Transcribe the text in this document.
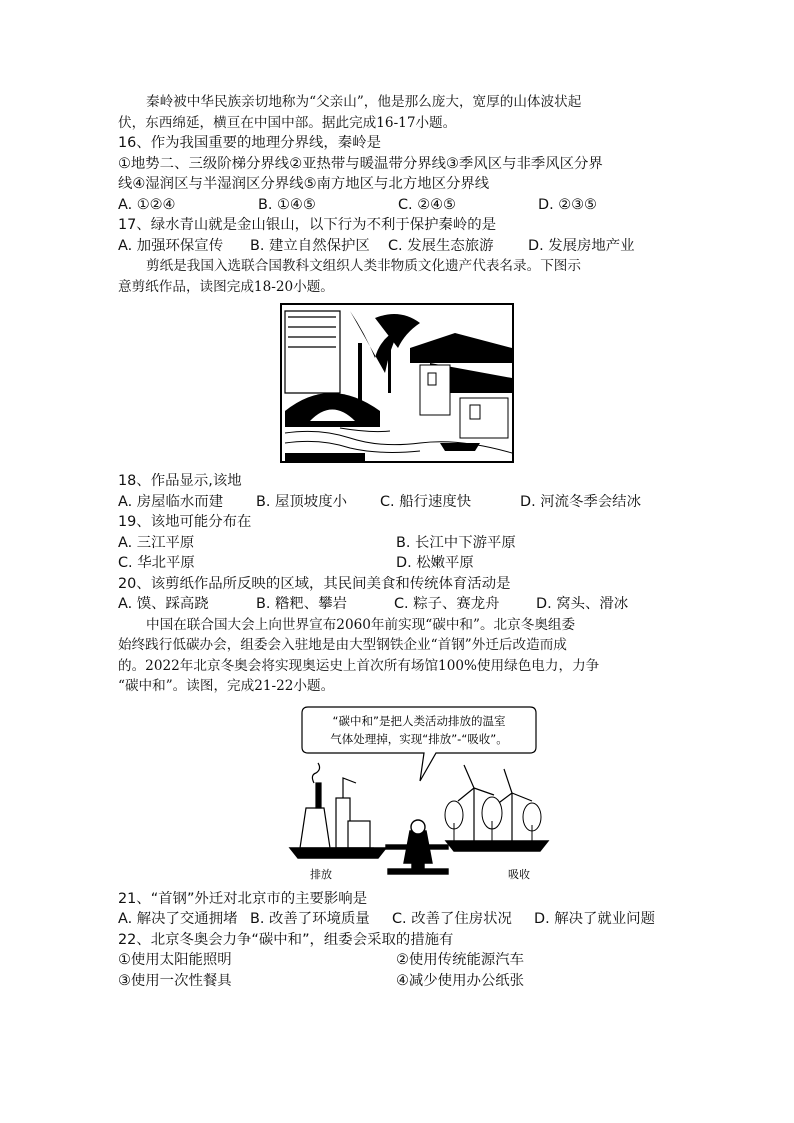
秦岭被中华民族亲切地称为“父亲山”，他是那么庞大，宽厚的山体波状起
伏，东西绵延，横亘在中国中部。据此完成16-17小题。
16、作为我国重要的地理分界线，秦岭是
①地势二、三级阶梯分界线②亚热带与暖温带分界线③季风区与非季风区分界
线④湿润区与半湿润区分界线⑤南方地区与北方地区分界线
A. ①②④	B. ①④⑤	C. ②④⑤	D. ②③⑤
17、绿水青山就是金山银山，以下行为不利于保护秦岭的是
A. 加强环保宣传	B. 建立自然保护区	C. 发展生态旅游	D. 发展房地产业
剪纸是我国入选联合国教科文组织人类非物质文化遗产代表名录。下图示
意剪纸作品，读图完成18-20小题。
18、作品显示,该地
A. 房屋临水而建	B. 屋顶坡度小	C. 船行速度快	D. 河流冬季会结冰
19、该地可能分布在
A. 三江平原	B. 长江中下游平原
C. 华北平原	D. 松嫩平原
20、该剪纸作品所反映的区域，其民间美食和传统体育活动是
A. 馍、踩高跷	B. 糌粑、攀岩	C. 粽子、赛龙舟	D. 窝头、滑冰
中国在联合国大会上向世界宣布2060年前实现“碳中和”。北京冬奥组委
始终践行低碳办会，组委会入驻地是由大型钢铁企业“首钢”外迁后改造而成
的。2022年北京冬奥会将实现奥运史上首次所有场馆100%使用绿色电力，力争
“碳中和”。读图，完成21-22小题。
“碳中和”是把人类活动排放的温室
气体处理掉，实现“排放”-“吸收”。
排放	吸收
21、“首钢”外迁对北京市的主要影响是
A. 解决了交通拥堵 B. 改善了环境质量	C. 改善了住房状况	D. 解决了就业问题
22、北京冬奥会力争“碳中和”，组委会采取的措施有
①使用太阳能照明	②使用传统能源汽车
③使用一次性餐具	④减少使用办公纸张
